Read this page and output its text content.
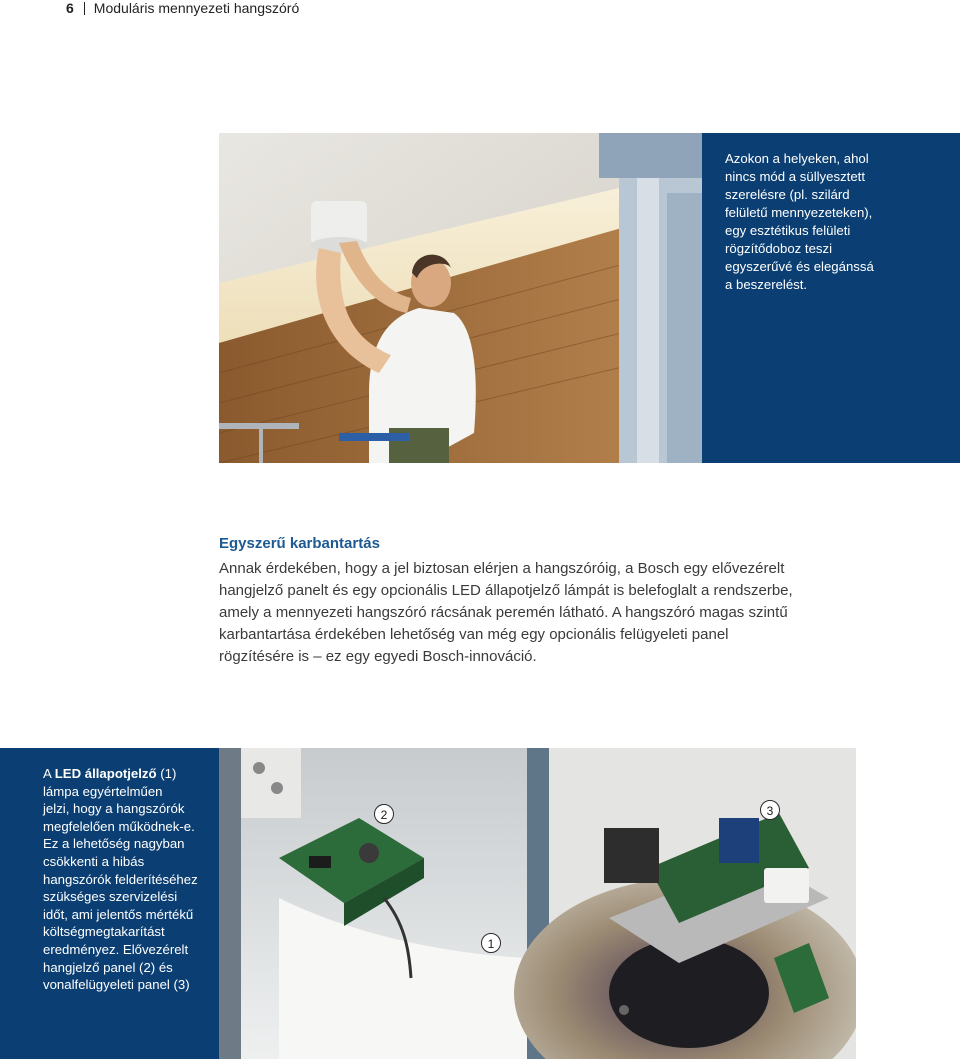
6 Moduláris mennyezeti hangszóró

Azokon a helyeken, ahol
nincs mód a süllyesztett
szerelésre (pl. szilárd
felületű mennyezeteken),
egy esztétikus felületi
rögzítődoboz teszi
egyszerűvé és elegánssá
a beszerelést.

Egyszerű karbantartás

Annak érdekében, hogy a jel biztosan elérjen a hangszóróig, a Bosch egy elővezérelt
hangjelző panelt és egy opcionális LED állapotjelző lámpát is belefoglalt a rendszerbe,
amely a mennyezeti hangszóró rácsának peremén látható. A hangszóró magas szintű
karbantartása érdekében lehetőség van még egy opcionális felügyeleti panel
rögzítésére is – ez egy egyedi Bosch-innováció.

A LED állapotjelző (1)
lámpa egyértelműen
jelzi, hogy a hangszórók
megfelelően működnek-e.
Ez a lehetőség nagyban
csökkenti a hibás
hangszórók felderítéséhez
szükséges szervizelési
időt, ami jelentős mértékű
költségmegtakarítást
eredményez. Elővezérelt
hangjelző panel (2) és
vonalfelügyeleti panel (3)

2	3
1
